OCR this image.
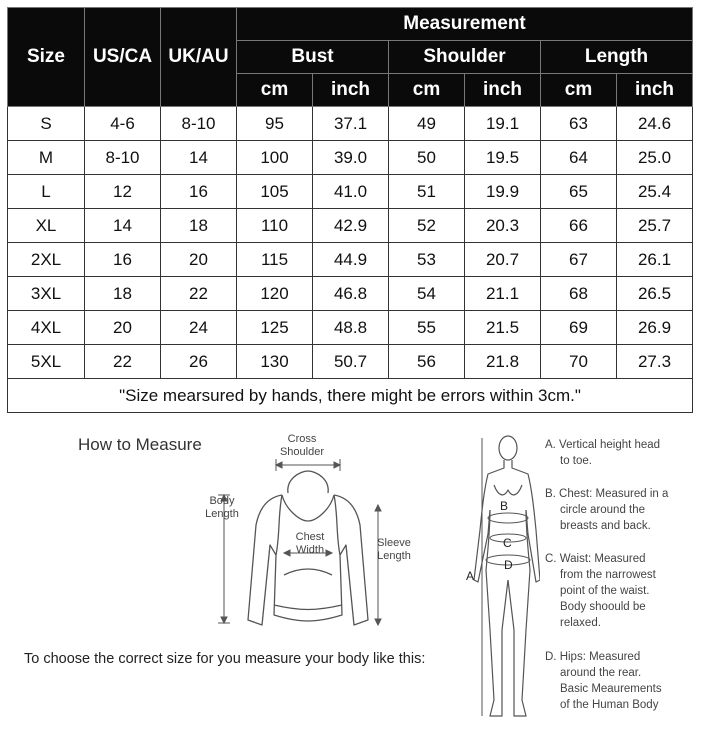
Size	US/CA	UK/AU	Measurement					
			Bust		Shoulder		Length	
			cm	inch	cm	inch	cm	inch
S	4-6	8-10	95	37.1	49	19.1	63	24.6
M	8-10	14	100	39.0	50	19.5	64	25.0
L	12	16	105	41.0	51	19.9	65	25.4
XL	14	18	110	42.9	52	20.3	66	25.7
2XL	16	20	115	44.9	53	20.7	67	26.1
3XL	18	22	120	46.8	54	21.1	68	26.5
4XL	20	24	125	48.8	55	21.5	69	26.9
5XL	22	26	130	50.7	56	21.8	70	27.3
"Size mearsured by hands, there might be errors within 3cm."								
How to Measure	Cross
Shoulder
Body
Length
Chest
Width
Sleeve
Length
To choose the correct size for you measure your body like this:
B
C
D
A
A. Vertical height head
to toe.
B. Chest: Measured in a
circle around the
breasts and back.
C. Waist: Measured
from the narrowest
point of the waist.
Body shoould be
relaxed.
D. Hips: Measured
around the rear.
Basic Meaurements
of the Human Body
